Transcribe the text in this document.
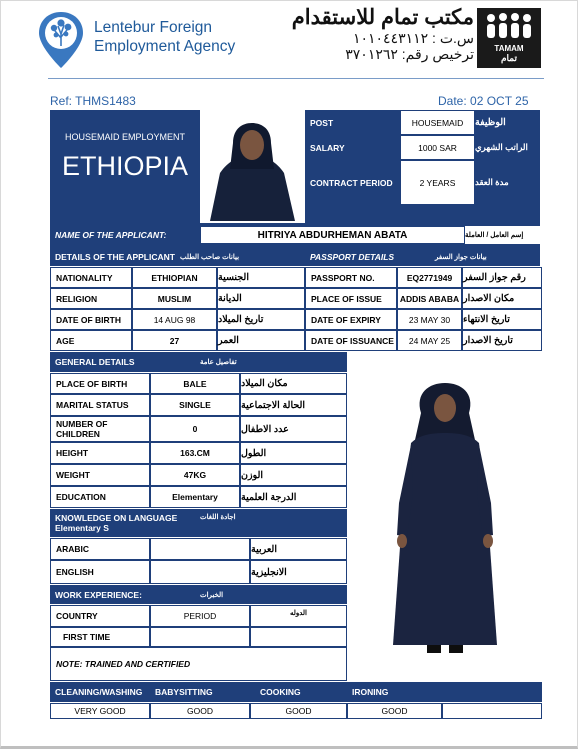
Lentebur Foreign
Employment Agency
مكتب تمام للاستقدام
س.ت : ١٠١٠٤٤٣١١٢
ترخيص رقم: ٣٧٠١٢٦٢	TAMAM
تمام
Ref: THMS1483	Date: 02 OCT 25
HOUSEMAID EMPLOYMENT
ETHIOPIA
POST	HOUSEMAID	الوظيفة
SALARY	1000 SAR	الراتب الشهري
CONTRACT PERIOD	2 YEARS	مدة العقد
NAME OF THE APPLICANT:	HITRIYA ABDURHEMAN ABATA	إسم العامل / العاملة
DETAILS OF THE APPLICANT بيانات صاحب الطلب	PASSPORT DETAILS	بيانات جواز السفر
NATIONALITY	ETHIOPIAN	الجنسية
RELIGION	MUSLIM	الديانة
DATE OF BIRTH	14 AUG 98	تاريخ الميلاد
AGE	27	العمر
PASSPORT NO.	EQ2771949	رقم جواز السفر
PLACE OF ISSUE	ADDIS ABABA مكان الاصدار
DATE OF EXPIRY	23 MAY 30	تاريخ الانتهاء
DATE OF ISSUANCE	24 MAY 25	تاريخ الاصدار
GENERAL DETAILS	تفاصيل عامة
PLACE OF BIRTH	BALE	مكان الميلاد
MARITAL STATUS	SINGLE	الحالة الاجتماعية
NUMBER OF CHILDREN	0	عدد الاطفال
HEIGHT	163.CM	الطول
WEIGHT	47KG	الوزن
EDUCATION	Elementary	الدرجة العلمية
KNOWLEDGE ON LANGUAGE
Elementary S
اجادة اللغات
ARABIC	العربية
ENGLISH	الانجليزية
WORK EXPERIENCE:	الخبرات
COUNTRY	PERIOD	الدوله
FIRST TIME
NOTE: TRAINED AND CERTIFIED
CLEANING/WASHING	BABYSITTING	COOKING	IRONING
VERY GOOD	GOOD	GOOD	GOOD
